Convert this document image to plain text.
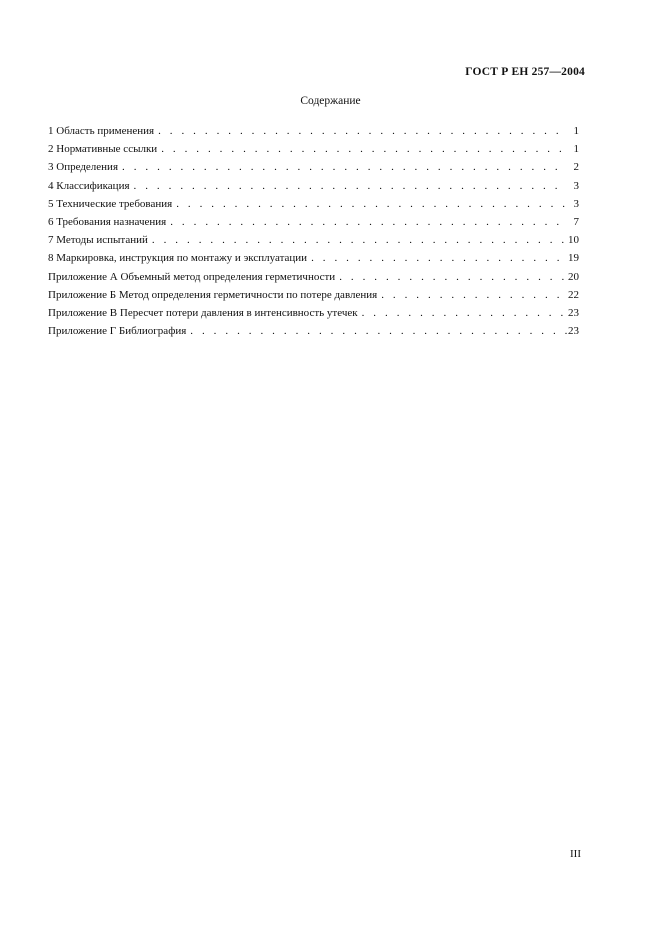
ГОСТ Р ЕН 257—2004
Содержание
1 Область применения . . .	1
2 Нормативные ссылки . . .	1
3 Определения . . .	2
4 Классификация . . .	3
5 Технические требования . . .	3
6 Требования назначения . . .	7
7 Методы испытаний . . .	10
8 Маркировка, инструкция по монтажу и эксплуатации . . .	19
Приложение А Объемный метод определения герметичности . . .	20
Приложение Б Метод определения герметичности по потере давления . . .	22
Приложение В Пересчет потери давления в интенсивность утечек . . .	23
Приложение Г Библиография . . .	23
III
